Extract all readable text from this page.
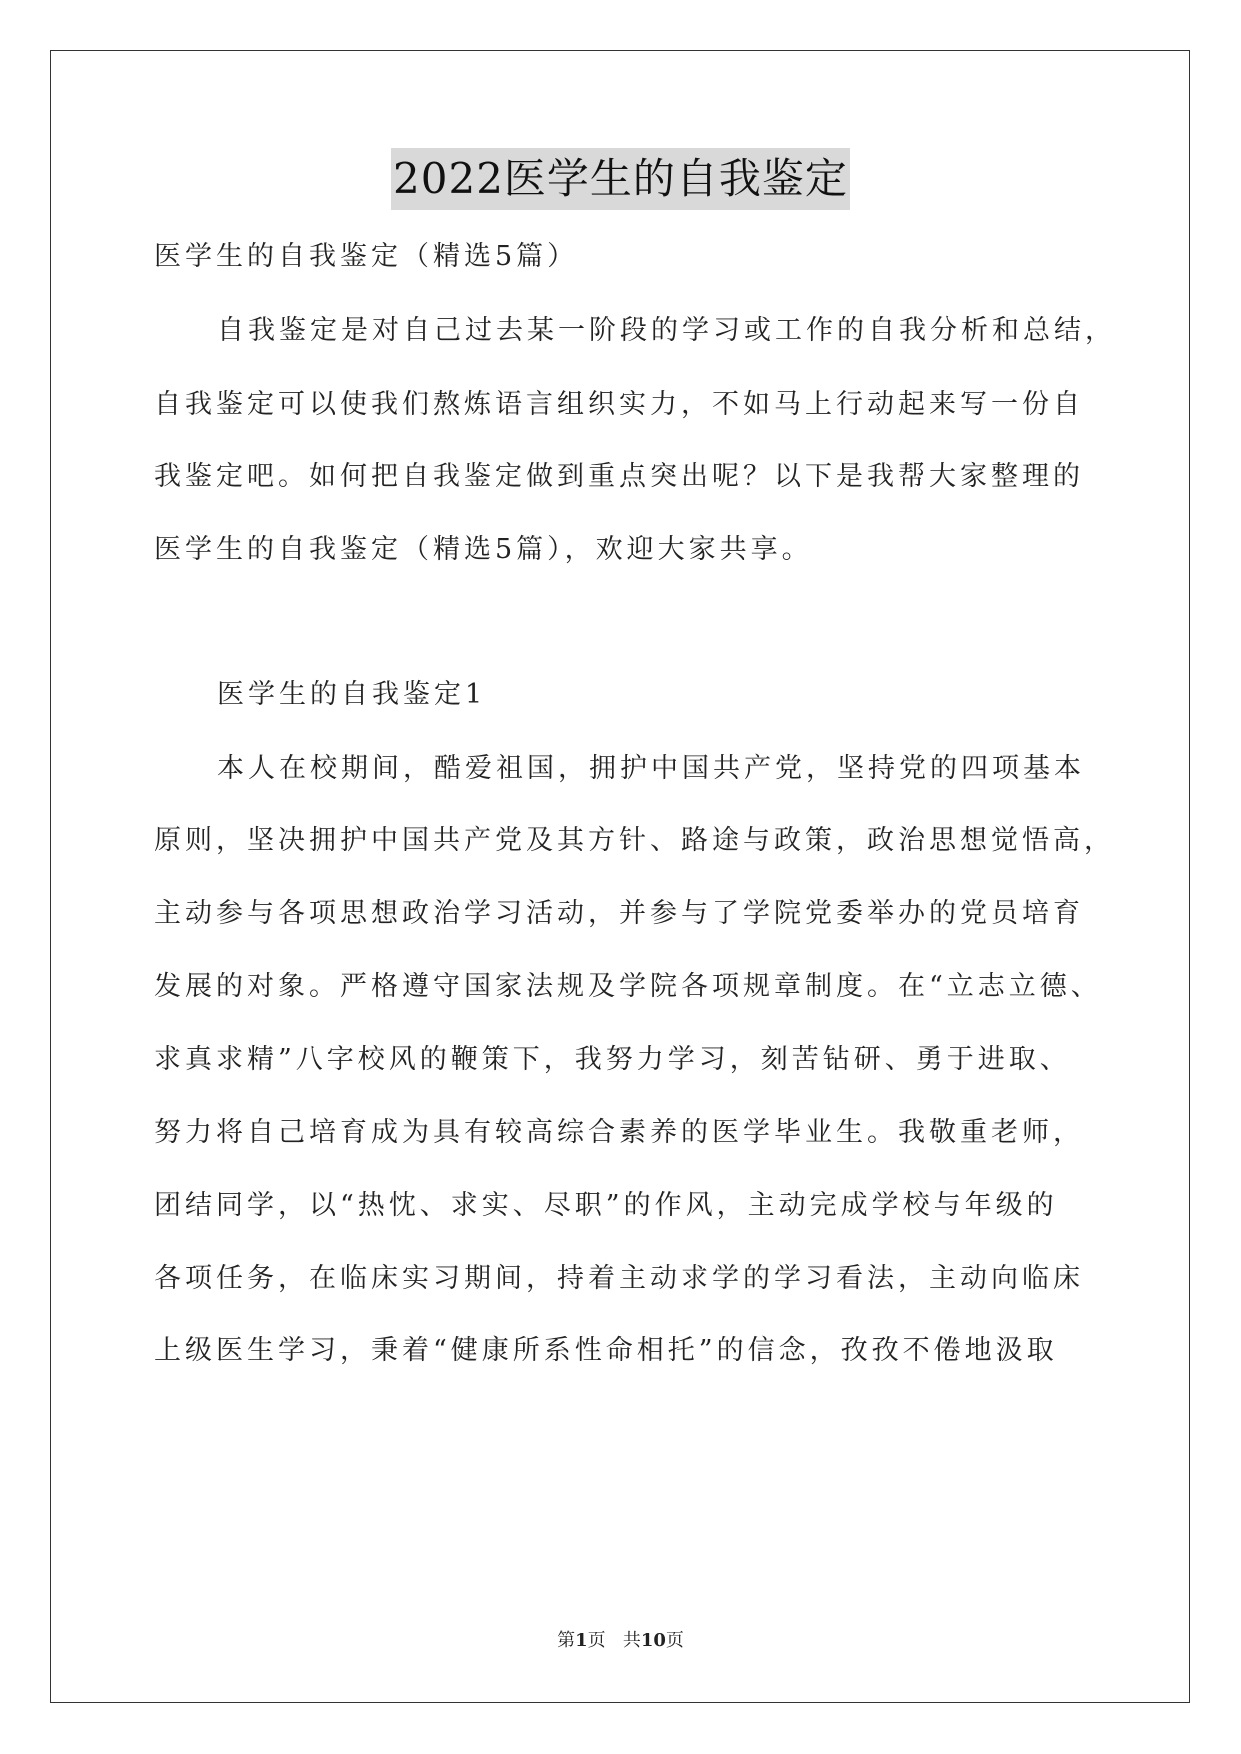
2022医学生的自我鉴定
医学生的自我鉴定（精选5篇）
自我鉴定是对自己过去某一阶段的学习或工作的自我分析和总结，
自我鉴定可以使我们熬炼语言组织实力，不如马上行动起来写一份自
我鉴定吧。如何把自我鉴定做到重点突出呢？以下是我帮大家整理的
医学生的自我鉴定（精选5篇），欢迎大家共享。
医学生的自我鉴定1
本人在校期间，酷爱祖国，拥护中国共产党，坚持党的四项基本
原则，坚决拥护中国共产党及其方针、路途与政策，政治思想觉悟高，
主动参与各项思想政治学习活动，并参与了学院党委举办的党员培育
发展的对象。严格遵守国家法规及学院各项规章制度。在“立志立德、
求真求精”八字校风的鞭策下，我努力学习，刻苦钻研、勇于进取、
努力将自己培育成为具有较高综合素养的医学毕业生。我敬重老师，
团结同学，以“热忱、求实、尽职”的作风，主动完成学校与年级的
各项任务，在临床实习期间，持着主动求学的学习看法，主动向临床
上级医生学习，秉着“健康所系性命相托”的信念，孜孜不倦地汲取
第1页 共10页
